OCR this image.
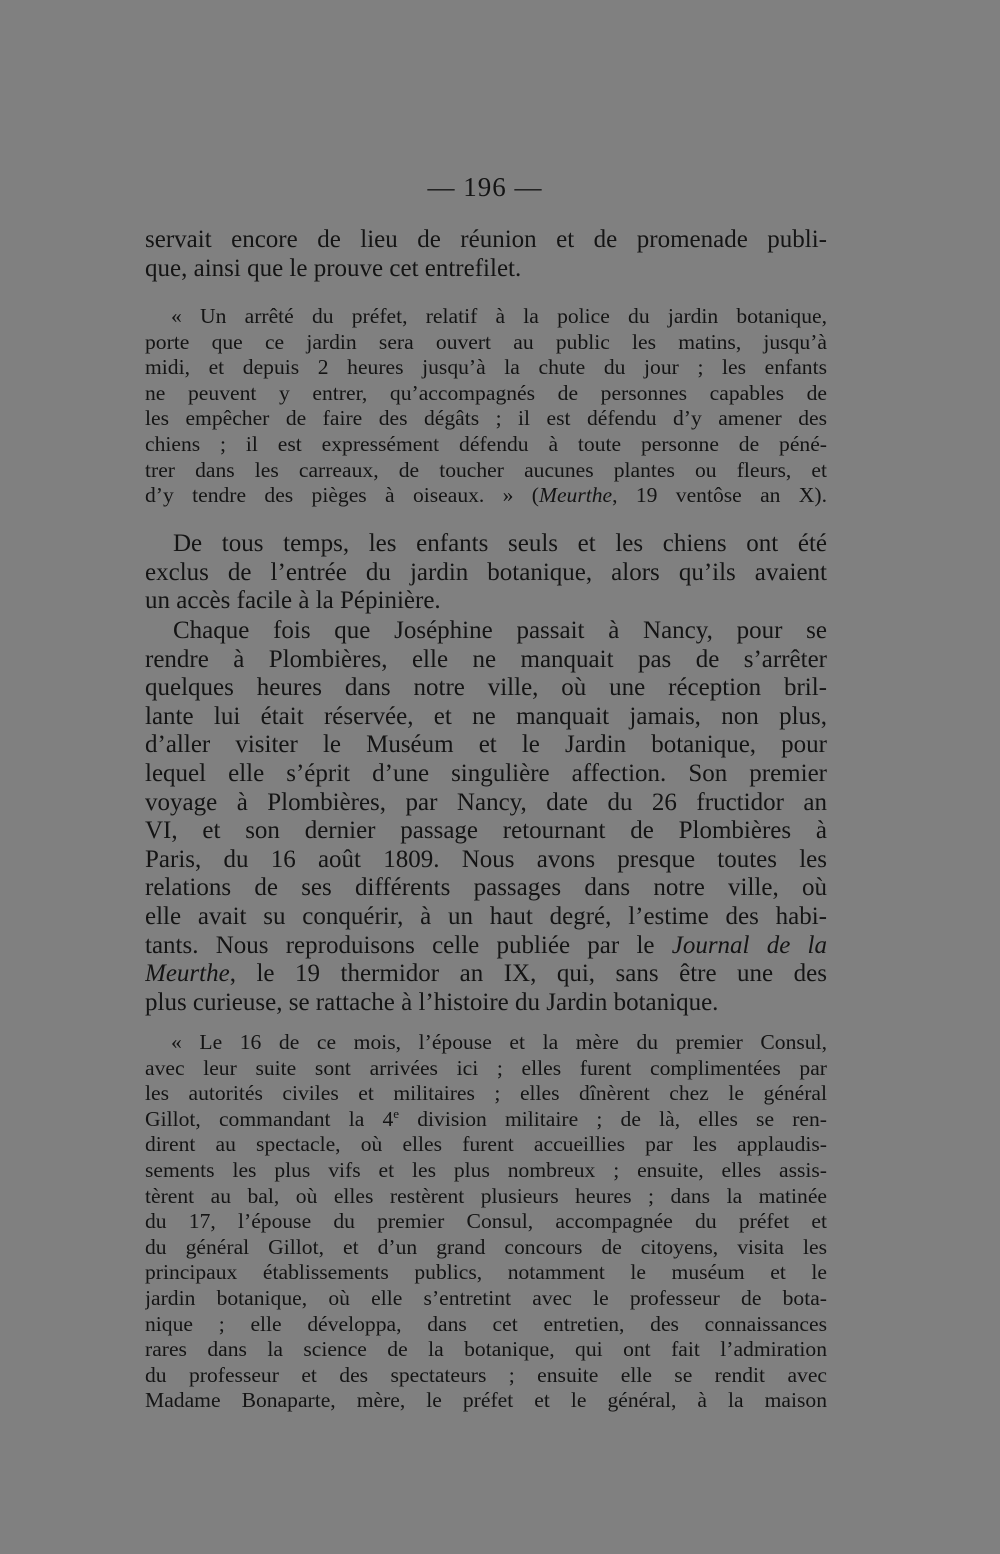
— 196 —
servait encore de lieu de réunion et de promenade publi-
que, ainsi que le prouve cet entrefilet.
« Un arrêté du préfet, relatif à la police du jardin botanique,
porte que ce jardin sera ouvert au public les matins, jusqu’à
midi, et depuis 2 heures jusqu’à la chute du jour ; les enfants
ne peuvent y entrer, qu’accompagnés de personnes capables de
les empêcher de faire des dégâts ; il est défendu d’y amener des
chiens ; il est expressément défendu à toute personne de péné-
trer dans les carreaux, de toucher aucunes plantes ou fleurs, et
d’y tendre des pièges à oiseaux. » (Meurthe, 19 ventôse an X).
De tous temps, les enfants seuls et les chiens ont été
exclus de l’entrée du jardin botanique, alors qu’ils avaient
un accès facile à la Pépinière.
Chaque fois que Joséphine passait à Nancy, pour se
rendre à Plombières, elle ne manquait pas de s’arrêter
quelques heures dans notre ville, où une réception bril-
lante lui était réservée, et ne manquait jamais, non plus,
d’aller visiter le Muséum et le Jardin botanique, pour
lequel elle s’éprit d’une singulière affection. Son premier
voyage à Plombières, par Nancy, date du 26 fructidor an
VI, et son dernier passage retournant de Plombières à
Paris, du 16 août 1809. Nous avons presque toutes les
relations de ses différents passages dans notre ville, où
elle avait su conquérir, à un haut degré, l’estime des habi-
tants. Nous reproduisons celle publiée par le Journal de la
Meurthe, le 19 thermidor an IX, qui, sans être une des
plus curieuse, se rattache à l’histoire du Jardin botanique.
« Le 16 de ce mois, l’épouse et la mère du premier Consul,
avec leur suite sont arrivées ici ; elles furent complimentées par
les autorités civiles et militaires ; elles dînèrent chez le général
Gillot, commandant la 4e division militaire ; de là, elles se ren-
dirent au spectacle, où elles furent accueillies par les applaudis-
sements les plus vifs et les plus nombreux ; ensuite, elles assis-
tèrent au bal, où elles restèrent plusieurs heures ; dans la matinée
du 17, l’épouse du premier Consul, accompagnée du préfet et
du général Gillot, et d’un grand concours de citoyens, visita les
principaux établissements publics, notamment le muséum et le
jardin botanique, où elle s’entretint avec le professeur de bota-
nique ; elle développa, dans cet entretien, des connaissances
rares dans la science de la botanique, qui ont fait l’admiration
du professeur et des spectateurs ; ensuite elle se rendit avec
Madame Bonaparte, mère, le préfet et le général, à la maison
